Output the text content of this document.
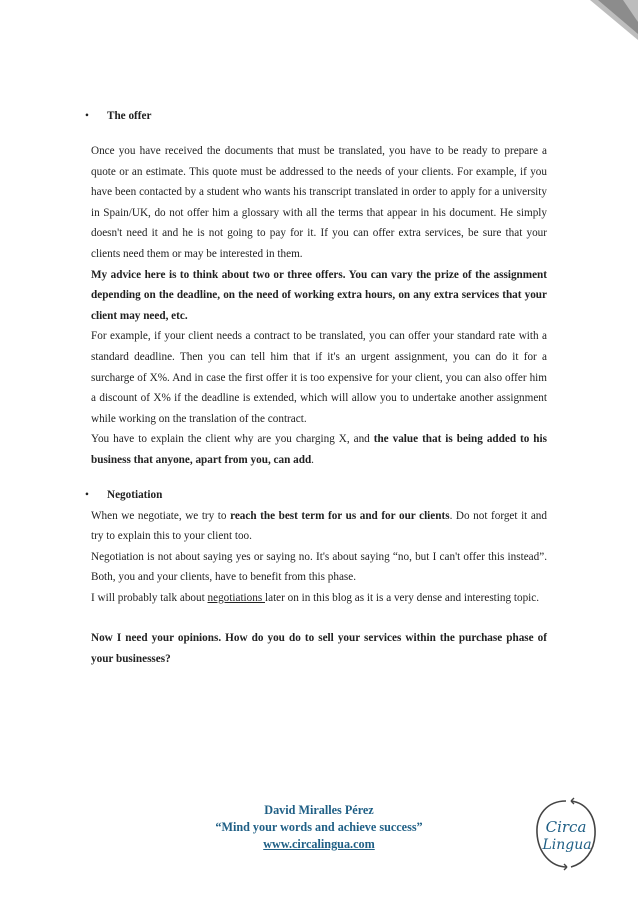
• The offer

Once you have received the documents that must be translated, you have to be ready to prepare a quote or an estimate. This quote must be addressed to the needs of your clients. For example, if you have been contacted by a student who wants his transcript translated in order to apply for a university in Spain/UK, do not offer him a glossary with all the terms that appear in his document. He simply doesn't need it and he is not going to pay for it. If you can offer extra services, be sure that your clients need them or may be interested in them.

My advice here is to think about two or three offers. You can vary the prize of the assignment depending on the deadline, on the need of working extra hours, on any extra services that your client may need, etc.

For example, if your client needs a contract to be translated, you can offer your standard rate with a standard deadline. Then you can tell him that if it's an urgent assignment, you can do it for a surcharge of X%. And in case the first offer it is too expensive for your client, you can also offer him a discount of X% if the deadline is extended, which will allow you to undertake another assignment while working on the translation of the contract.

You have to explain the client why are you charging X, and the value that is being added to his business that anyone, apart from you, can add.

• Negotiation

When we negotiate, we try to reach the best term for us and for our clients. Do not forget it and try to explain this to your client too.

Negotiation is not about saying yes or saying no. It's about saying “no, but I can't offer this instead”. Both, you and your clients, have to benefit from this phase.

I will probably talk about negotiations later on in this blog as it is a very dense and interesting topic.

Now I need your opinions. How do you do to sell your services within the purchase phase of your businesses?

David Miralles Pérez
“Mind your words and achieve success”
www.circalingua.com
Circa
Lingua
